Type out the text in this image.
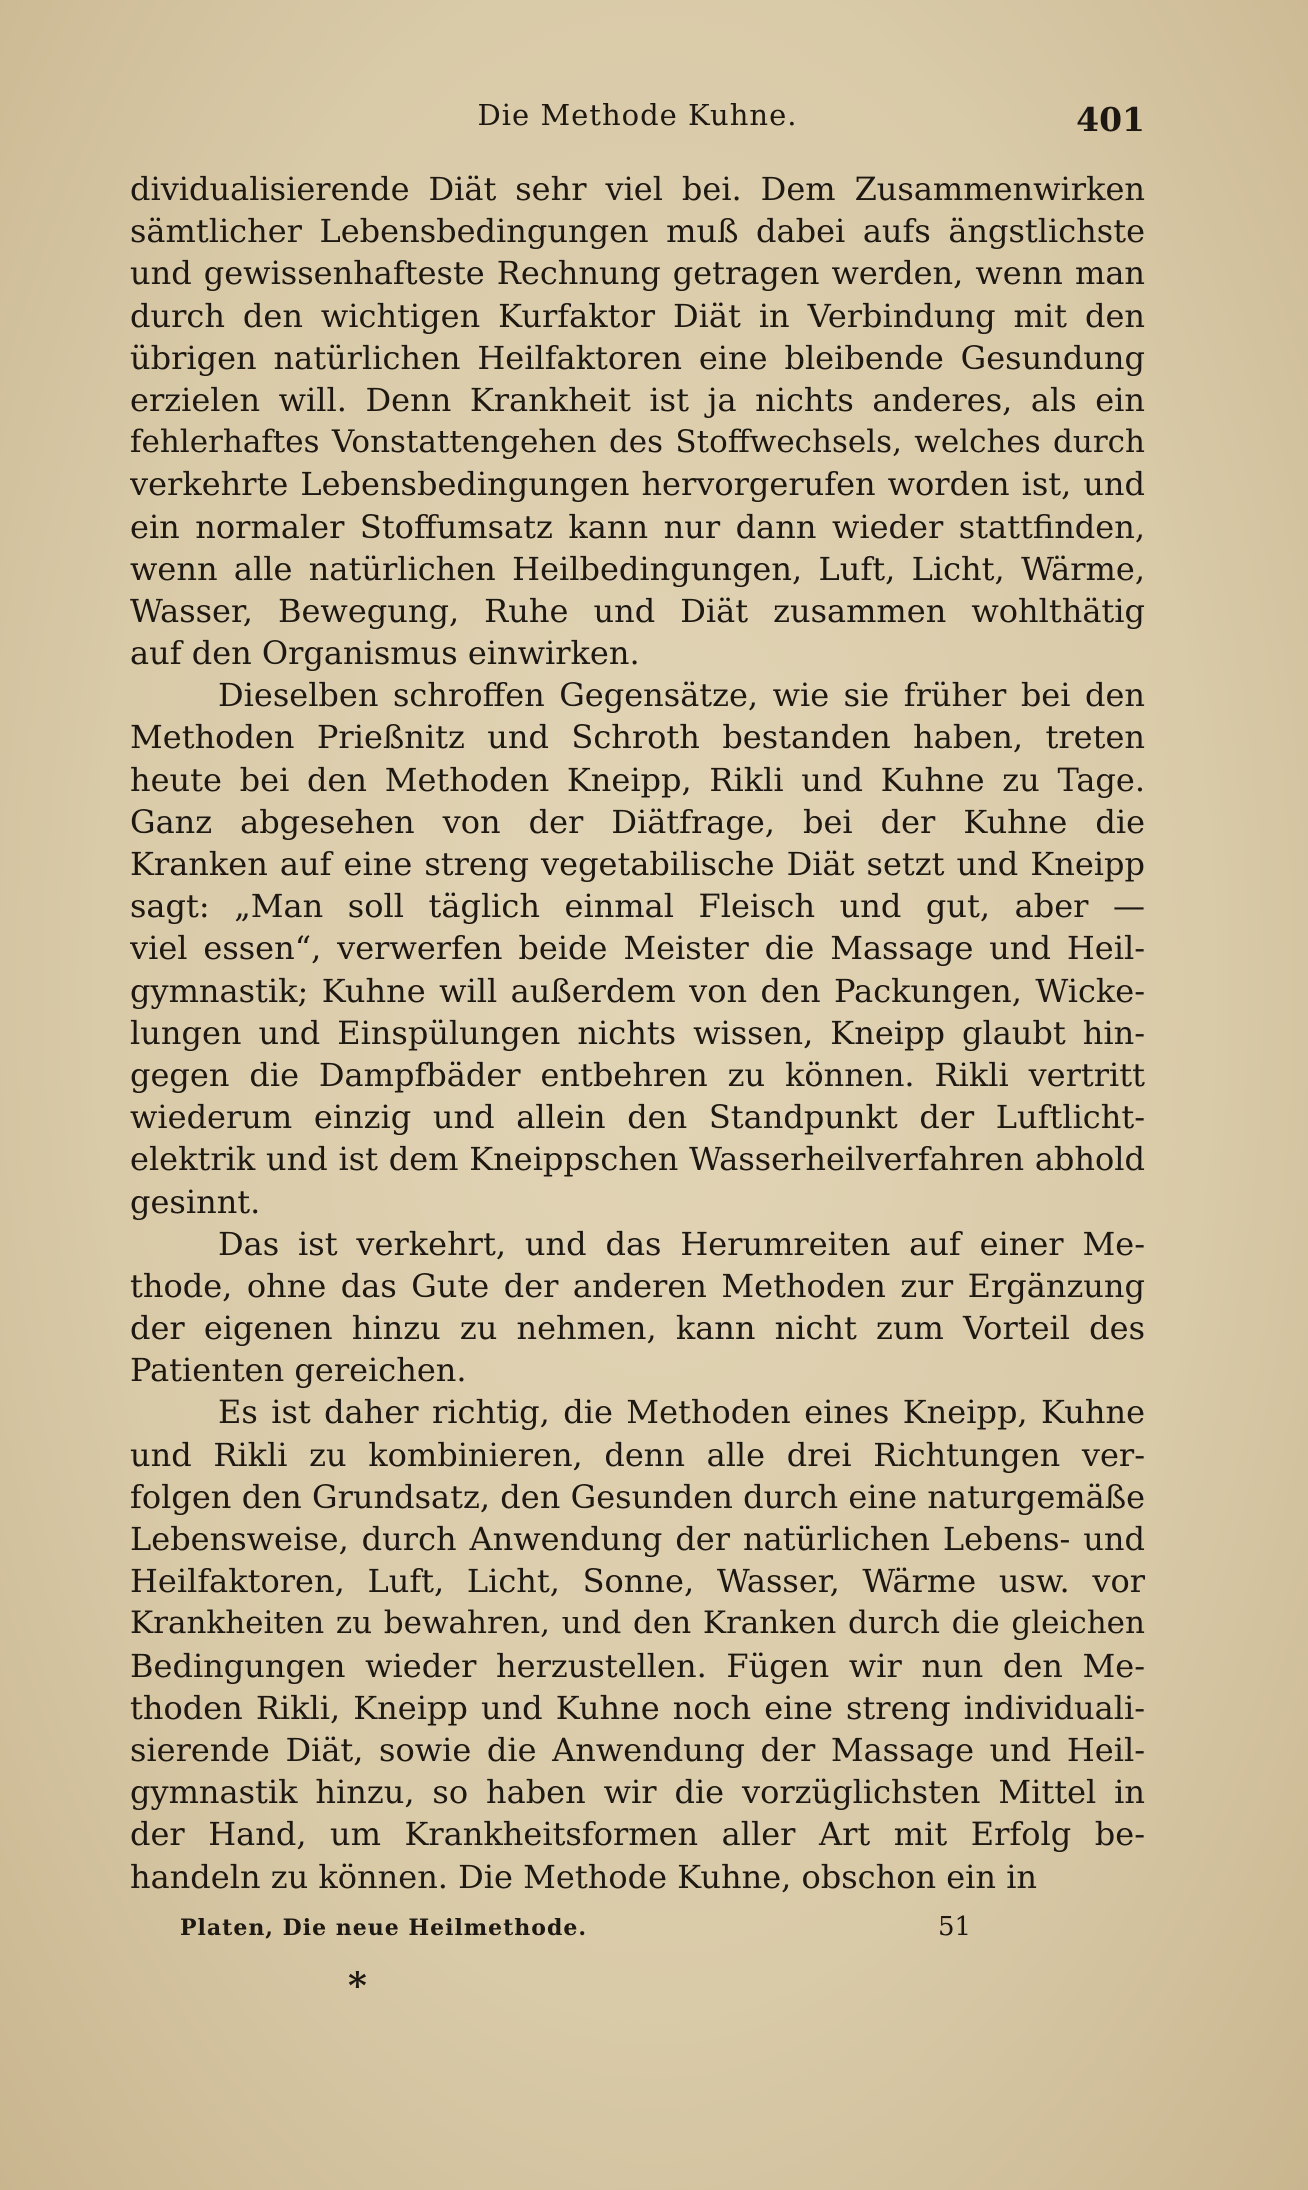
Die Methode Kuhne.	401
dividualisierende Diät sehr viel bei. Dem Zusammenwirken
sämtlicher Lebensbedingungen muß dabei aufs ängstlichste
und gewissenhafteste Rechnung getragen werden, wenn man
durch den wichtigen Kurfaktor Diät in Verbindung mit den
übrigen natürlichen Heilfaktoren eine bleibende Gesundung
erzielen will. Denn Krankheit ist ja nichts anderes, als ein
fehlerhaftes Vonstattengehen des Stoffwechsels, welches durch
verkehrte Lebensbedingungen hervorgerufen worden ist, und
ein normaler Stoffumsatz kann nur dann wieder stattfinden,
wenn alle natürlichen Heilbedingungen, Luft, Licht, Wärme,
Wasser, Bewegung, Ruhe und Diät zusammen wohlthätig
auf den Organismus einwirken.
Dieselben schroffen Gegensätze, wie sie früher bei den
Methoden Prießnitz und Schroth bestanden haben, treten
heute bei den Methoden Kneipp, Rikli und Kuhne zu Tage.
Ganz abgesehen von der Diätfrage, bei der Kuhne die
Kranken auf eine streng vegetabilische Diät setzt und Kneipp
sagt: „Man soll täglich einmal Fleisch und gut, aber —
viel essen“, verwerfen beide Meister die Massage und Heil-
gymnastik; Kuhne will außerdem von den Packungen, Wicke-
lungen und Einspülungen nichts wissen, Kneipp glaubt hin-
gegen die Dampfbäder entbehren zu können. Rikli vertritt
wiederum einzig und allein den Standpunkt der Luftlicht-
elektrik und ist dem Kneippschen Wasserheilverfahren abhold
gesinnt.
Das ist verkehrt, und das Herumreiten auf einer Me-
thode, ohne das Gute der anderen Methoden zur Ergänzung
der eigenen hinzu zu nehmen, kann nicht zum Vorteil des
Patienten gereichen.
Es ist daher richtig, die Methoden eines Kneipp, Kuhne
und Rikli zu kombinieren, denn alle drei Richtungen ver-
folgen den Grundsatz, den Gesunden durch eine naturgemäße
Lebensweise, durch Anwendung der natürlichen Lebens- und
Heilfaktoren, Luft, Licht, Sonne, Wasser, Wärme usw. vor
Krankheiten zu bewahren, und den Kranken durch die gleichen
Bedingungen wieder herzustellen. Fügen wir nun den Me-
thoden Rikli, Kneipp und Kuhne noch eine streng individuali-
sierende Diät, sowie die Anwendung der Massage und Heil-
gymnastik hinzu, so haben wir die vorzüglichsten Mittel in
der Hand, um Krankheitsformen aller Art mit Erfolg be-
handeln zu können. Die Methode Kuhne, obschon ein in
Platen, Die neue Heilmethode.	51
*
